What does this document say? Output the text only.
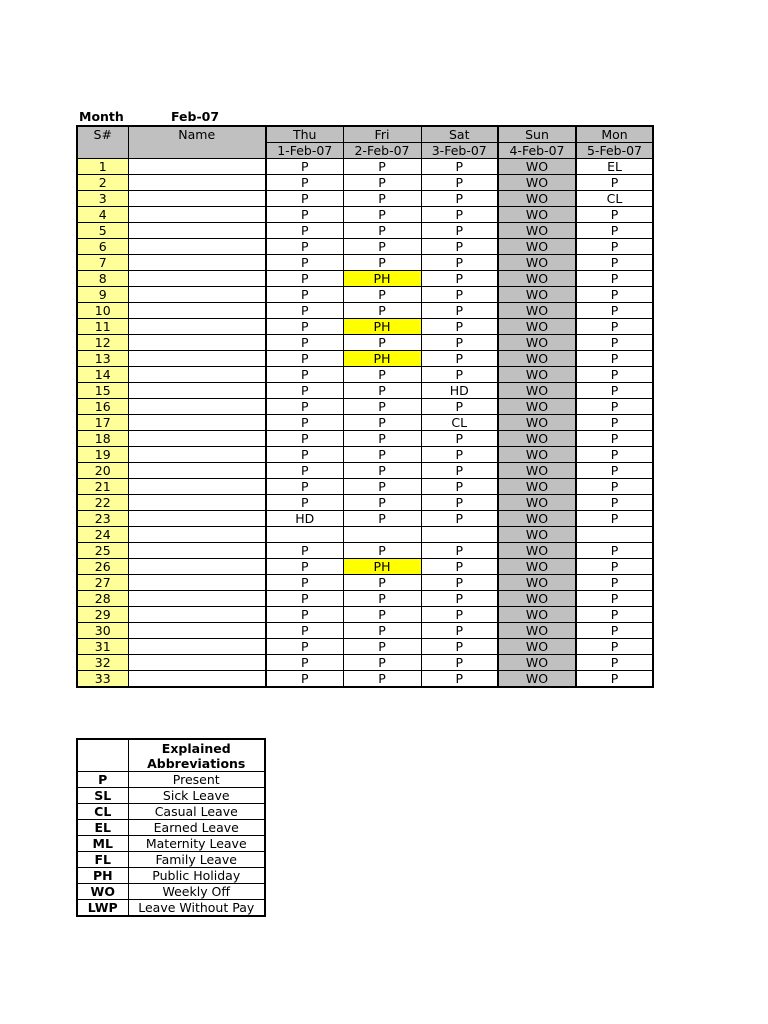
Month	Feb-07
S#	Name	Thu	Fri	Sat	Sun	Mon
		1-Feb-07	2-Feb-07	3-Feb-07	4-Feb-07	5-Feb-07
1		P	P	P	WO	EL
2		P	P	P	WO	P
3		P	P	P	WO	CL
4		P	P	P	WO	P
5		P	P	P	WO	P
6		P	P	P	WO	P
7		P	P	P	WO	P
8		P	PH	P	WO	P
9		P	P	P	WO	P
10		P	P	P	WO	P
11		P	PH	P	WO	P
12		P	P	P	WO	P
13		P	PH	P	WO	P
14		P	P	P	WO	P
15		P	P	HD	WO	P
16		P	P	P	WO	P
17		P	P	CL	WO	P
18		P	P	P	WO	P
19		P	P	P	WO	P
20		P	P	P	WO	P
21		P	P	P	WO	P
22		P	P	P	WO	P
23		HD	P	P	WO	P
24					WO	
25		P	P	P	WO	P
26		P	PH	P	WO	P
27		P	P	P	WO	P
28		P	P	P	WO	P
29		P	P	P	WO	P
30		P	P	P	WO	P
31		P	P	P	WO	P
32		P	P	P	WO	P
33		P	P	P	WO	P

	Explained
Abbreviations

P	Present
SL	Sick Leave
CL	Casual Leave
EL	Earned Leave
ML	Maternity Leave
FL	Family Leave
PH	Public Holiday
WO	Weekly Off
LWP	Leave Without Pay
